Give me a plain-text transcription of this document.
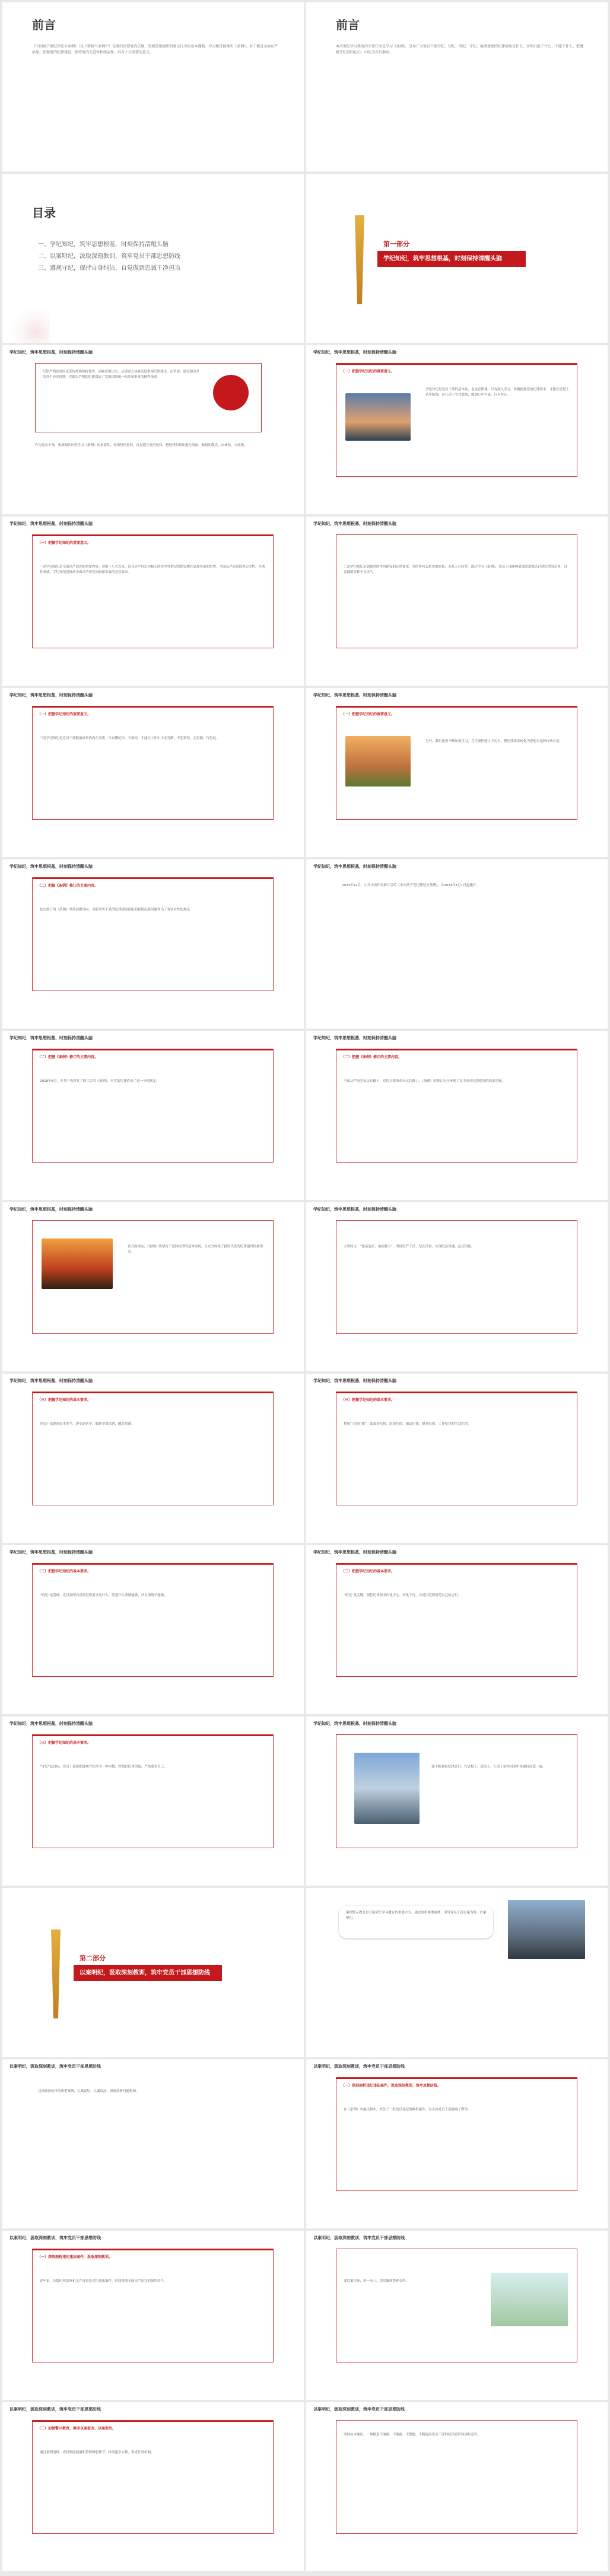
前言
《中国共产党纪律处分条例》（以下简称“《条例》”）是党的重要党内法规，是规范党组织和党员行为的基本遵循。学习和贯彻落实《条例》，对于推进全面从严治党，加强党的纪律建设，保持党的先进性和纯洁性，具有十分重要的意义。
前言
本次党纪学习教育的主要任务是学习《条例》，引导广大党员干部学纪、知纪、明纪、守纪，搞清楚党的纪律规矩是什么，弄明白能干什么、不能干什么，把遵规守纪刻印在心，内化为言行准则。
目录
一、学纪知纪，筑牢思想根基，时刻保持清醒头脑
二、以案明纪，汲取深刻教训，筑牢党员干部思想防线
三、遵规守纪，保持自身纯洁，自觉做到忠诚干净担当
第一部分
学纪知纪，筑牢思想根基，时刻保持清醒头脑
学纪知纪，筑牢思想根基，时刻保持清醒头脑
纪律严明是党的光荣传统和独特优势。回顾党的历史，从建党之初就高度重视纪律建设，在革命、建设和改革的各个历史时期，党都以严明的纪律保证了党的团结统一和各项事业的顺利推进。
作为党员干部，要深刻认识到学习《条例》的重要性，增强纪律意识，自觉遵守党的纪律，把纪律和规矩挺在前面，做到知敬畏、存戒惧、守底线。
学纪知纪，筑牢思想根基，时刻保持清醒头脑
（一）把握学纪知纪的重要意义。
学纪知纪是党员干部的基本功，也是必修课。只有深入学习、准确把握党的纪律要求，才能在思想上筑牢防线，在行动上守住底线，做到心中有戒、行有所止。
学纪知纪，筑牢思想根基，时刻保持清醒头脑
（一）把握学纪知纪的重要意义。
一是学纪知纪是全面从严治党的重要内容。党的十八大以来，以习近平同志为核心的党中央把纪律建设摆在更加突出的位置，全面从严治党取得历史性、开创性成就。学纪知纪是推动全面从严治党向纵深发展的必然要求。
学纪知纪，筑牢思想根基，时刻保持清醒头脑
二是学纪知纪是加强党的作风建设的必然要求。党的作风关系党的形象，关系人心向背。通过学习《条例》，党员干部能够更加清楚地认识到纪律的边界，自觉抵制各种不良风气。
学纪知纪，筑牢思想根基，时刻保持清醒头脑
（一）把握学纪知纪的重要意义。
三是学纪知纪是党员干部健康成长的内在需要。只有懂纪律、守规矩，才能在工作中少走弯路，不犯错误，走得稳、行得远。
学纪知纪，筑牢思想根基，时刻保持清醒头脑
（一）把握学纪知纪的重要意义。
另外，我们还要不断加强学习，在学深悟透上下功夫，把纪律要求转化为思想自觉和行动自觉。
学纪知纪，筑牢思想根基，时刻保持清醒头脑
（二）把握《条例》修订的主要内容。
此次修订的《条例》坚持问题导向，对新形势下党的纪律建设面临的新情况新问题作出了有针对性的规定。
学纪知纪，筑牢思想根基，时刻保持清醒头脑
2023年12月，中共中央印发修订后的《中国共产党纪律处分条例》，自2024年1月1日起施行。
学纪知纪，筑牢思想根基，时刻保持清醒头脑
（二）把握《条例》修订的主要内容。
2018年8月，中共中央印发了修订后的《条例》，对党的纪律作出了进一步的规定。
学纪知纪，筑牢思想根基，时刻保持清醒头脑
（二）把握《条例》修订的主要内容。
全面从严治党永远在路上，党的自我革命永远在路上。《条例》的修订充分体现了党中央对纪律建设的高度重视。
学纪知纪，筑牢思想根基，时刻保持清醒头脑
各方面规定，《条例》既坚持了党的纪律的基本原则，又充分体现了新时代党的纪律建设的新要求。
学纪知纪，筑牢思想根基，时刻保持清醒头脑
主要特点：“惩前毖后、治病救人”，坚持纪严于法、纪在法前，实现纪法贯通、法法衔接。
学纪知纪，筑牢思想根基，时刻保持清醒头脑
（三）把握学纪知纪的基本要求。
党员干部要原原本本学，逐章逐条学，做到学深悟透、融会贯通。
学纪知纪，筑牢思想根基，时刻保持清醒头脑
（三）把握学纪知纪的基本要求。
把握“六项纪律”，即政治纪律、组织纪律、廉洁纪律、群众纪律、工作纪律和生活纪律。
学纪知纪，筑牢思想根基，时刻保持清醒头脑
（三）把握学纪知纪的基本要求。
“明纪”是基础。党员要明白党的纪律要求是什么，清楚什么事情能做，什么事情不能做。
学纪知纪，筑牢思想根基，时刻保持清醒头脑
（三）把握学纪知纪的基本要求。
“明纪”是关键。要把纪律要求内化于心、外化于行，自觉用纪律规范自己的言行。
学纪知纪，筑牢思想根基，时刻保持清醒头脑
（三）把握学纪知纪的基本要求。
“守纪”是目标。党员干部要把遵规守纪作为一种习惯，时刻以纪律为镜，严格要求自己。
学纪知纪，筑牢思想根基，时刻保持清醒头脑
要不断强化纪律意识，在思想上、政治上、行动上始终同党中央保持高度一致。
第二部分
以案明纪，汲取深刻教训，筑牢党员干部思想防线
案例警示教育是开展党纪学习教育的重要方式。通过剖析典型案例，引导党员干部以案为鉴、以案明纪。
以案明纪，汲取深刻教训，筑牢党员干部思想防线
违反政治纪律的典型案例，以案说纪、以案说法，深刻剖析问题根源。
以案明纪，汲取深刻教训，筑牢党员干部思想防线
（一）深刻剖析违纪违法案件，汲取深刻教训，筑牢思想防线。
在《条例》实施过程中，查处了一批违反党纪的典型案件，为全体党员干部敲响了警钟。
以案明纪，汲取深刻教训，筑牢党员干部思想防线
（一）深刻剖析违纪违法案件，汲取深刻教训。
近年来，各级纪检监察机关严肃查处违纪违法案件，持续释放全面从严治党的强烈信号。
以案明纪，汲取深刻教训，筑牢党员干部思想防线
要以案为鉴，举一反三，切实做到警钟长鸣。
以案明纪，汲取深刻教训，筑牢党员干部思想防线
（二）加强警示教育，推动以案促改、以案促治。
通过案例剖析，查找制度漏洞和管理薄弱环节，推动建章立制，形成长效机制。
以案明纪，汲取深刻教训，筑牢党员干部思想防线
坚持标本兼治，一体推进不敢腐、不能腐、不想腐，不断提高党员干部的纪律意识和规矩意识。
